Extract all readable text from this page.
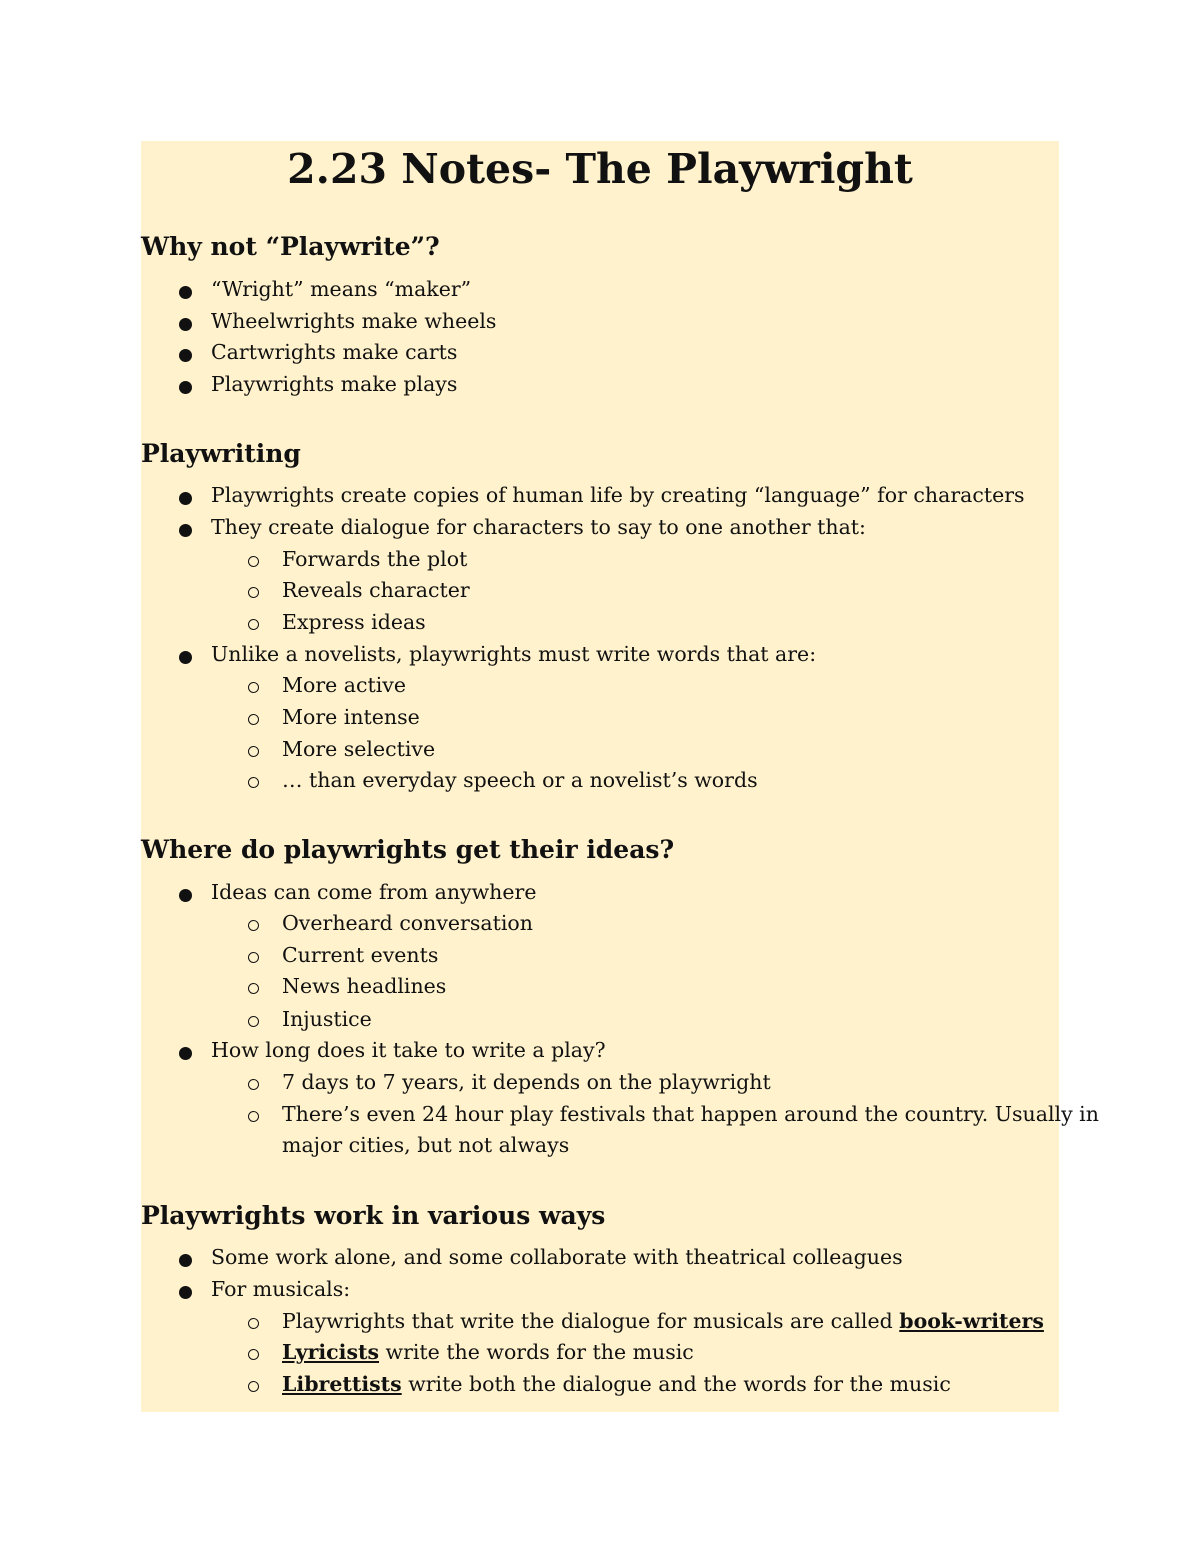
2.23 Notes- The Playwright
Why not “Playwrite”?
“Wright” means “maker”
Wheelwrights make wheels
Cartwrights make carts
Playwrights make plays
Playwriting
Playwrights create copies of human life by creating “language” for characters
They create dialogue for characters to say to one another that:
Forwards the plot
Reveals character
Express ideas
Unlike a novelists, playwrights must write words that are:
More active
More intense
More selective
… than everyday speech or a novelist’s words
Where do playwrights get their ideas?
Ideas can come from anywhere
Overheard conversation
Current events
News headlines
Injustice
How long does it take to write a play?
7 days to 7 years, it depends on the playwright
There’s even 24 hour play festivals that happen around the country. Usually in
major cities, but not always
Playwrights work in various ways
Some work alone, and some collaborate with theatrical colleagues
For musicals:
Playwrights that write the dialogue for musicals are called book-writers
Lyricists write the words for the music
Librettists write both the dialogue and the words for the music
